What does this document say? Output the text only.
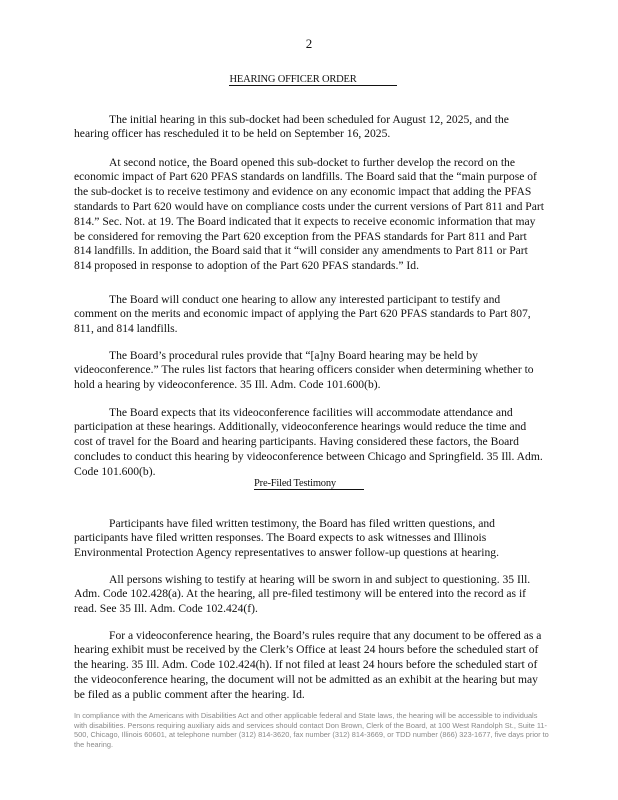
2
HEARING OFFICER ORDER

The initial hearing in this sub-docket had been scheduled for August 12, 2025, and the hearing officer has rescheduled it to be held on September 16, 2025.

At second notice, the Board opened this sub-docket to further develop the record on the economic impact of Part 620 PFAS standards on landfills. The Board said that the “main purpose of the sub-docket is to receive testimony and evidence on any economic impact that adding the PFAS standards to Part 620 would have on compliance costs under the current versions of Part 811 and Part 814.” Sec. Not. at 19. The Board indicated that it expects to receive economic information that may be considered for removing the Part 620 exception from the PFAS standards for Part 811 and Part 814 landfills. In addition, the Board said that it “will consider any amendments to Part 811 or Part 814 proposed in response to adoption of the Part 620 PFAS standards.” Id.

The Board will conduct one hearing to allow any interested participant to testify and comment on the merits and economic impact of applying the Part 620 PFAS standards to Part 807, 811, and 814 landfills.

The Board’s procedural rules provide that “[a]ny Board hearing may be held by videoconference.” The rules list factors that hearing officers consider when determining whether to hold a hearing by videoconference. 35 Ill. Adm. Code 101.600(b).

The Board expects that its videoconference facilities will accommodate attendance and participation at these hearings. Additionally, videoconference hearings would reduce the time and cost of travel for the Board and hearing participants. Having considered these factors, the Board concludes to conduct this hearing by videoconference between Chicago and Springfield. 35 Ill. Adm. Code 101.600(b).

Pre-Filed Testimony

Participants have filed written testimony, the Board has filed written questions, and participants have filed written responses. The Board expects to ask witnesses and Illinois Environmental Protection Agency representatives to answer follow-up questions at hearing.

All persons wishing to testify at hearing will be sworn in and subject to questioning. 35 Ill. Adm. Code 102.428(a). At the hearing, all pre-filed testimony will be entered into the record as if read. See 35 Ill. Adm. Code 102.424(f).

For a videoconference hearing, the Board’s rules require that any document to be offered as a hearing exhibit must be received by the Clerk’s Office at least 24 hours before the scheduled start of the hearing. 35 Ill. Adm. Code 102.424(h). If not filed at least 24 hours before the scheduled start of the videoconference hearing, the document will not be admitted as an exhibit at the hearing but may be filed as a public comment after the hearing. Id.

In compliance with the Americans with Disabilities Act and other applicable federal and State laws, the hearing will be accessible to individuals with disabilities. Persons requiring auxiliary aids and services should contact Don Brown, Clerk of the Board, at 100 West Randolph St., Suite 11-500, Chicago, Illinois 60601, at telephone number (312) 814-3620, fax number (312) 814-3669, or TDD number (866) 323-1677, five days prior to the hearing.
